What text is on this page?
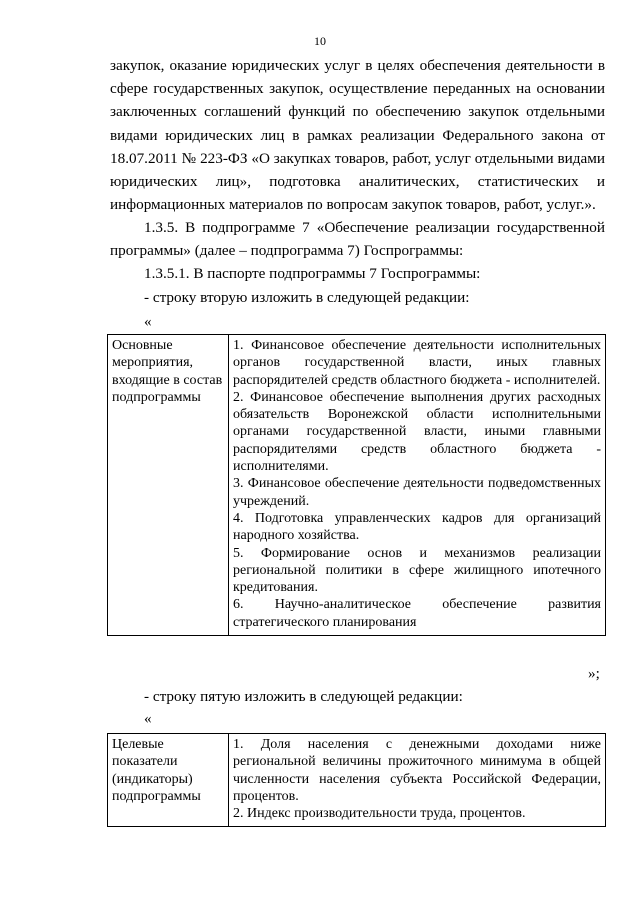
10

закупок, оказание юридических услуг в целях обеспечения деятельности в сфере государственных закупок, осуществление переданных на основании заключенных соглашений функций по обеспечению закупок отдельными видами юридических лиц в рамках реализации Федерального закона от 18.07.2011 № 223-ФЗ «О закупках товаров, работ, услуг отдельными видами юридических лиц», подготовка аналитических, статистических и информационных материалов по вопросам закупок товаров, работ, услуг.».

1.3.5. В подпрограмме 7 «Обеспечение реализации государственной программы» (далее – подпрограмма 7) Госпрограммы:

1.3.5.1. В паспорте подпрограммы 7 Госпрограммы:
- строку вторую изложить в следующей редакции:
«
Основные мероприятия, входящие в состав подпрограммы	
1. Финансовое обеспечение деятельности исполнительных органов государственной власти, иных главных распорядителей средств областного бюджета - исполнителей.
2. Финансовое обеспечение выполнения других расходных обязательств Воронежской области исполнительными органами государственной власти, иными главными распорядителями средств областного бюджета - исполнителями.
3. Финансовое обеспечение деятельности подведомственных учреждений.
4. Подготовка управленческих кадров для организаций народного хозяйства.
5. Формирование основ и механизмов реализации региональной политики в сфере жилищного ипотечного кредитования.
6. Научно-аналитическое обеспечение развития стратегического планирования
»;
- строку пятую изложить в следующей редакции:
«
Целевые показатели (индикаторы) подпрограммы	
1. Доля населения с денежными доходами ниже региональной величины прожиточного минимума в общей численности населения субъекта Российской Федерации, процентов.
2. Индекс производительности труда, процентов.
